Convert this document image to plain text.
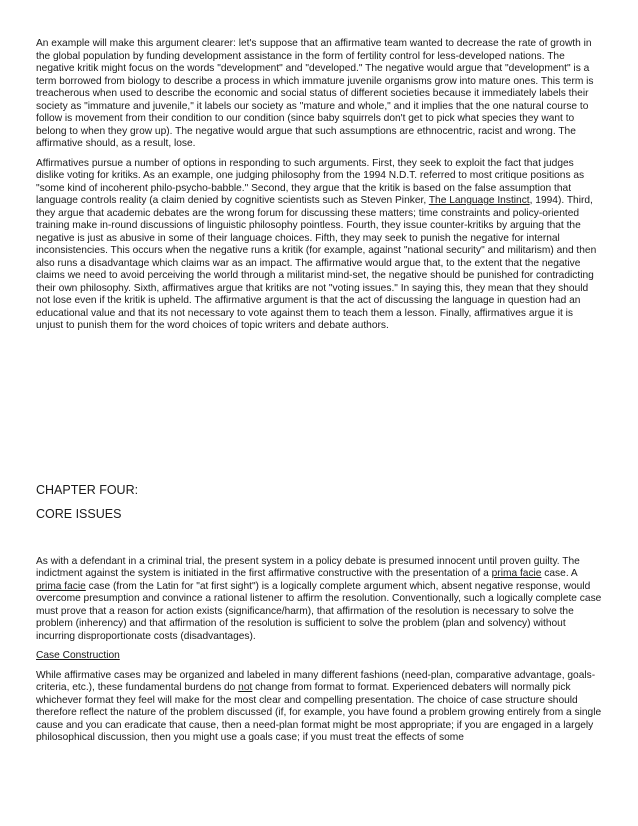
An example will make this argument clearer: let's suppose that an affirmative team wanted to decrease the rate of growth in the global population by funding development assistance in the form of fertility control for less-developed nations. The negative kritik might focus on the words "development" and "developed." The negative would argue that "development" is a term borrowed from biology to describe a process in which immature juvenile organisms grow into mature ones. This term is treacherous when used to describe the economic and social status of different societies because it immediately labels their society as "immature and juvenile," it labels our society as "mature and whole," and it implies that the one natural course to follow is movement from their condition to our condition (since baby squirrels don't get to pick what species they want to belong to when they grow up). The negative would argue that such assumptions are ethnocentric, racist and wrong. The affirmative should, as a result, lose.

Affirmatives pursue a number of options in responding to such arguments. First, they seek to exploit the fact that judges dislike voting for kritiks. As an example, one judging philosophy from the 1994 N.D.T. referred to most critique positions as "some kind of incoherent philo-psycho-babble." Second, they argue that the kritik is based on the false assumption that language controls reality (a claim denied by cognitive scientists such as Steven Pinker, The Language Instinct, 1994). Third, they argue that academic debates are the wrong forum for discussing these matters; time constraints and policy-oriented training make in-round discussions of linguistic philosophy pointless. Fourth, they issue counter-kritiks by arguing that the negative is just as abusive in some of their language choices. Fifth, they may seek to punish the negative for internal inconsistencies. This occurs when the negative runs a kritik (for example, against "national security" and militarism) and then also runs a disadvantage which claims war as an impact. The affirmative would argue that, to the extent that the negative claims we need to avoid perceiving the world through a militarist mind-set, the negative should be punished for contradicting their own philosophy. Sixth, affirmatives argue that kritiks are not "voting issues." In saying this, they mean that they should not lose even if the kritik is upheld. The affirmative argument is that the act of discussing the language in question had an educational value and that its not necessary to vote against them to teach them a lesson. Finally, affirmatives argue it is unjust to punish them for the word choices of topic writers and debate authors.

CHAPTER FOUR:

CORE ISSUES

As with a defendant in a criminal trial, the present system in a policy debate is presumed innocent until proven guilty. The indictment against the system is initiated in the first affirmative constructive with the presentation of a prima facie case. A prima facie case (from the Latin for "at first sight") is a logically complete argument which, absent negative response, would overcome presumption and convince a rational listener to affirm the resolution. Conventionally, such a logically complete case must prove that a reason for action exists (significance/harm), that affirmation of the resolution is necessary to solve the problem (inherency) and that affirmation of the resolution is sufficient to solve the problem (plan and solvency) without incurring disproportionate costs (disadvantages).

Case Construction

While affirmative cases may be organized and labeled in many different fashions (need-plan, comparative advantage, goals-criteria, etc.), these fundamental burdens do not change from format to format. Experienced debaters will normally pick whichever format they feel will make for the most clear and compelling presentation. The choice of case structure should therefore reflect the nature of the problem discussed (if, for example, you have found a problem growing entirely from a single cause and you can eradicate that cause, then a need-plan format might be most appropriate; if you are engaged in a largely philosophical discussion, then you might use a goals case; if you must treat the effects of some
